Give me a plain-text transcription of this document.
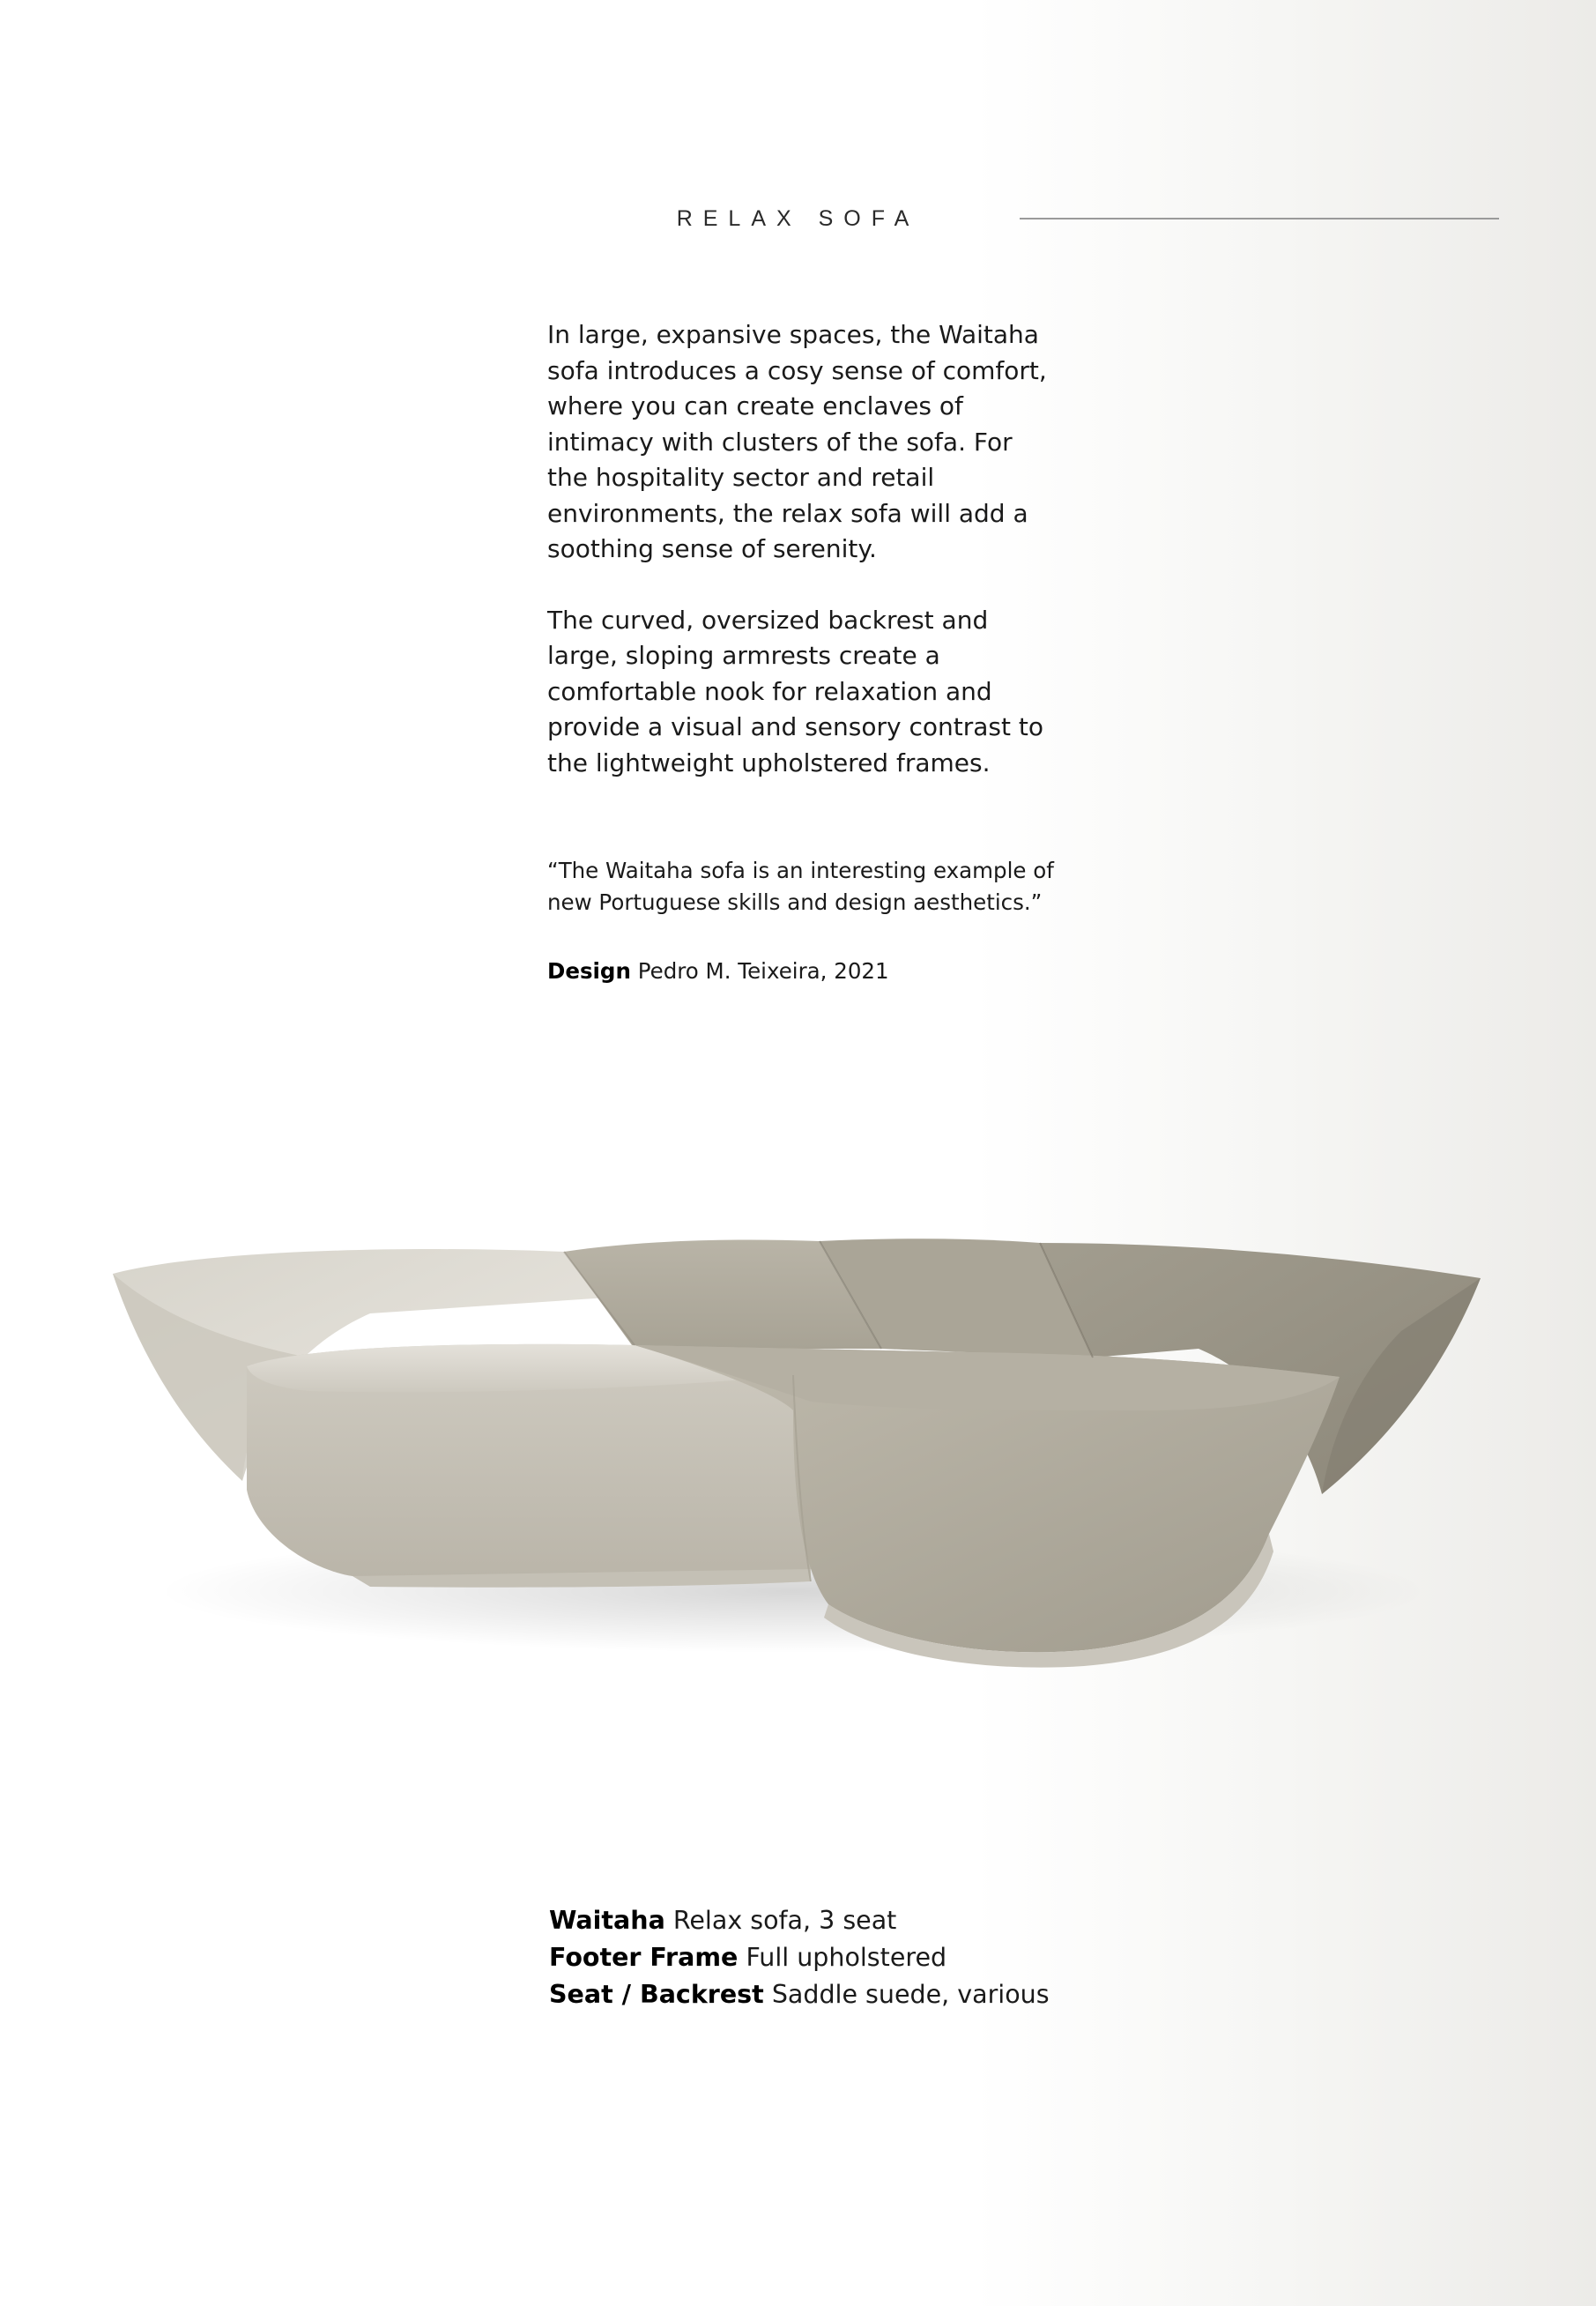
RELAX SOFA

In large, expansive spaces, the Waitaha sofa introduces a cosy sense of comfort, where you can create enclaves of intimacy with clusters of the sofa. For the hospitality sector and retail environments, the relax sofa will add a soothing sense of serenity.

The curved, oversized backrest and large, sloping armrests create a comfortable nook for relaxation and provide a visual and sensory contrast to the lightweight upholstered frames.

“The Waitaha sofa is an interesting example of new Portuguese skills and design aesthetics.”

Design Pedro M. Teixeira, 2021
Waitaha Relax sofa, 3 seat
Footer Frame Full upholstered
Seat / Backrest Saddle suede, various
